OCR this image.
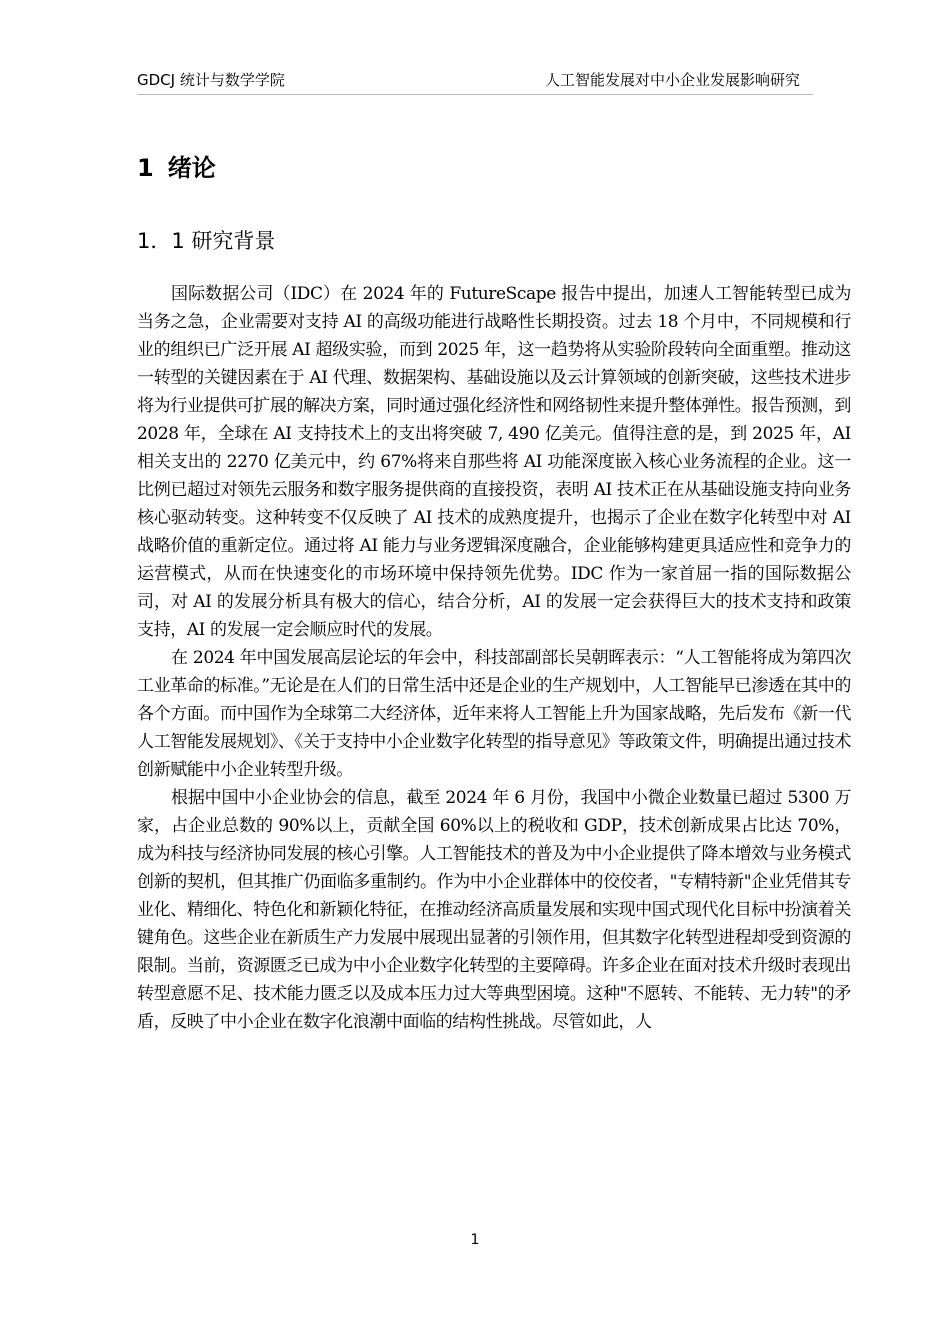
GDCJ 统计与数学学院	人工智能发展对中小企业发展影响研究
1 绪论
1．1 研究背景

国际数据公司（IDC）在 2024 年的 FutureScape 报告中提出，加速人工智能转型已成为当务之急，企业需要对支持 AI 的高级功能进行战略性长期投资。过去 18 个月中，不同规模和行业的组织已广泛开展 AI 超级实验，而到 2025 年，这一趋势将从实验阶段转向全面重塑。推动这一转型的关键因素在于 AI 代理、数据架构、基础设施以及云计算领域的创新突破，这些技术进步将为行业提供可扩展的解决方案，同时通过强化经济性和网络韧性来提升整体弹性。报告预测，到 2028 年，全球在 AI 支持技术上的支出将突破 7, 490 亿美元。值得注意的是，到 2025 年，AI 相关支出的 2270 亿美元中，约 67%将来自那些将 AI 功能深度嵌入核心业务流程的企业。这一比例已超过对领先云服务和数字服务提供商的直接投资，表明 AI 技术正在从基础设施支持向业务核心驱动转变。这种转变不仅反映了 AI 技术的成熟度提升，也揭示了企业在数字化转型中对 AI 战略价值的重新定位。通过将 AI 能力与业务逻辑深度融合，企业能够构建更具适应性和竞争力的运营模式，从而在快速变化的市场环境中保持领先优势。IDC 作为一家首屈一指的国际数据公司，对 AI 的发展分析具有极大的信心，结合分析，AI 的发展一定会获得巨大的技术支持和政策支持，AI 的发展一定会顺应时代的发展。

在 2024 年中国发展高层论坛的年会中，科技部副部长吴朝晖表示：“人工智能将成为第四次工业革命的标准。”无论是在人们的日常生活中还是企业的生产规划中，人工智能早已渗透在其中的各个方面。而中国作为全球第二大经济体，近年来将人工智能上升为国家战略，先后发布《新一代人工智能发展规划》、《关于支持中小企业数字化转型的指导意见》等政策文件，明确提出通过技术创新赋能中小企业转型升级。

根据中国中小企业协会的信息，截至 2024 年 6 月份，我国中小微企业数量已超过 5300 万家，占企业总数的 90%以上，贡献全国 60%以上的税收和 GDP，技术创新成果占比达 70%，成为科技与经济协同发展的核心引擎。人工智能技术的普及为中小企业提供了降本增效与业务模式创新的契机，但其推广仍面临多重制约。作为中小企业群体中的佼佼者，"专精特新"企业凭借其专业化、精细化、特色化和新颖化特征，在推动经济高质量发展和实现中国式现代化目标中扮演着关键角色。这些企业在新质生产力发展中展现出显著的引领作用，但其数字化转型进程却受到资源的限制。当前，资源匮乏已成为中小企业数字化转型的主要障碍。许多企业在面对技术升级时表现出转型意愿不足、技术能力匮乏以及成本压力过大等典型困境。这种"不愿转、不能转、无力转"的矛盾，反映了中小企业在数字化浪潮中面临的结构性挑战。尽管如此，人

1
